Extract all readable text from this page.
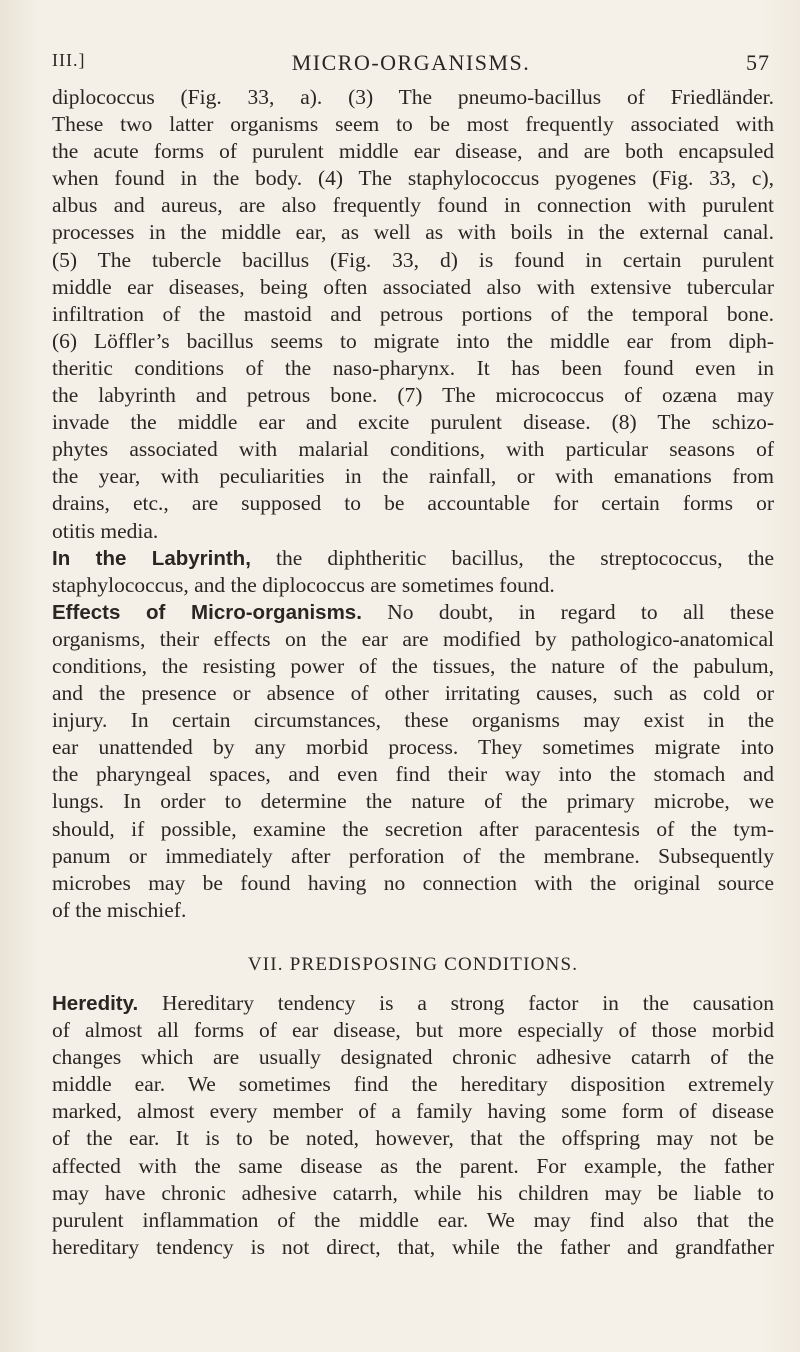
III.]	MICRO-ORGANISMS.	57
diplococcus (Fig. 33, a). (3) The pneumo-bacillus of Friedländer.
These two latter organisms seem to be most frequently associated with
the acute forms of purulent middle ear disease, and are both encapsuled
when found in the body. (4) The staphylococcus pyogenes (Fig. 33, c),
albus and aureus, are also frequently found in connection with purulent
processes in the middle ear, as well as with boils in the external canal.
(5) The tubercle bacillus (Fig. 33, d) is found in certain purulent
middle ear diseases, being often associated also with extensive tubercular
infiltration of the mastoid and petrous portions of the temporal bone.
(6) Löffler’s bacillus seems to migrate into the middle ear from diph-
theritic conditions of the naso-pharynx. It has been found even in
the labyrinth and petrous bone. (7) The micrococcus of ozæna may
invade the middle ear and excite purulent disease. (8) The schizo-
phytes associated with malarial conditions, with particular seasons of
the year, with peculiarities in the rainfall, or with emanations from
drains, etc., are supposed to be accountable for certain forms or
otitis media.
In the Labyrinth, the diphtheritic bacillus, the streptococcus, the
staphylococcus, and the diplococcus are sometimes found.
Effects of Micro-organisms. No doubt, in regard to all these
organisms, their effects on the ear are modified by pathologico-anatomical
conditions, the resisting power of the tissues, the nature of the pabulum,
and the presence or absence of other irritating causes, such as cold or
injury. In certain circumstances, these organisms may exist in the
ear unattended by any morbid process. They sometimes migrate into
the pharyngeal spaces, and even find their way into the stomach and
lungs. In order to determine the nature of the primary microbe, we
should, if possible, examine the secretion after paracentesis of the tym-
panum or immediately after perforation of the membrane. Subsequently
microbes may be found having no connection with the original source
of the mischief.
VII. PREDISPOSING CONDITIONS.
Heredity. Hereditary tendency is a strong factor in the causation
of almost all forms of ear disease, but more especially of those morbid
changes which are usually designated chronic adhesive catarrh of the
middle ear. We sometimes find the hereditary disposition extremely
marked, almost every member of a family having some form of disease
of the ear. It is to be noted, however, that the offspring may not be
affected with the same disease as the parent. For example, the father
may have chronic adhesive catarrh, while his children may be liable to
purulent inflammation of the middle ear. We may find also that the
hereditary tendency is not direct, that, while the father and grandfather
